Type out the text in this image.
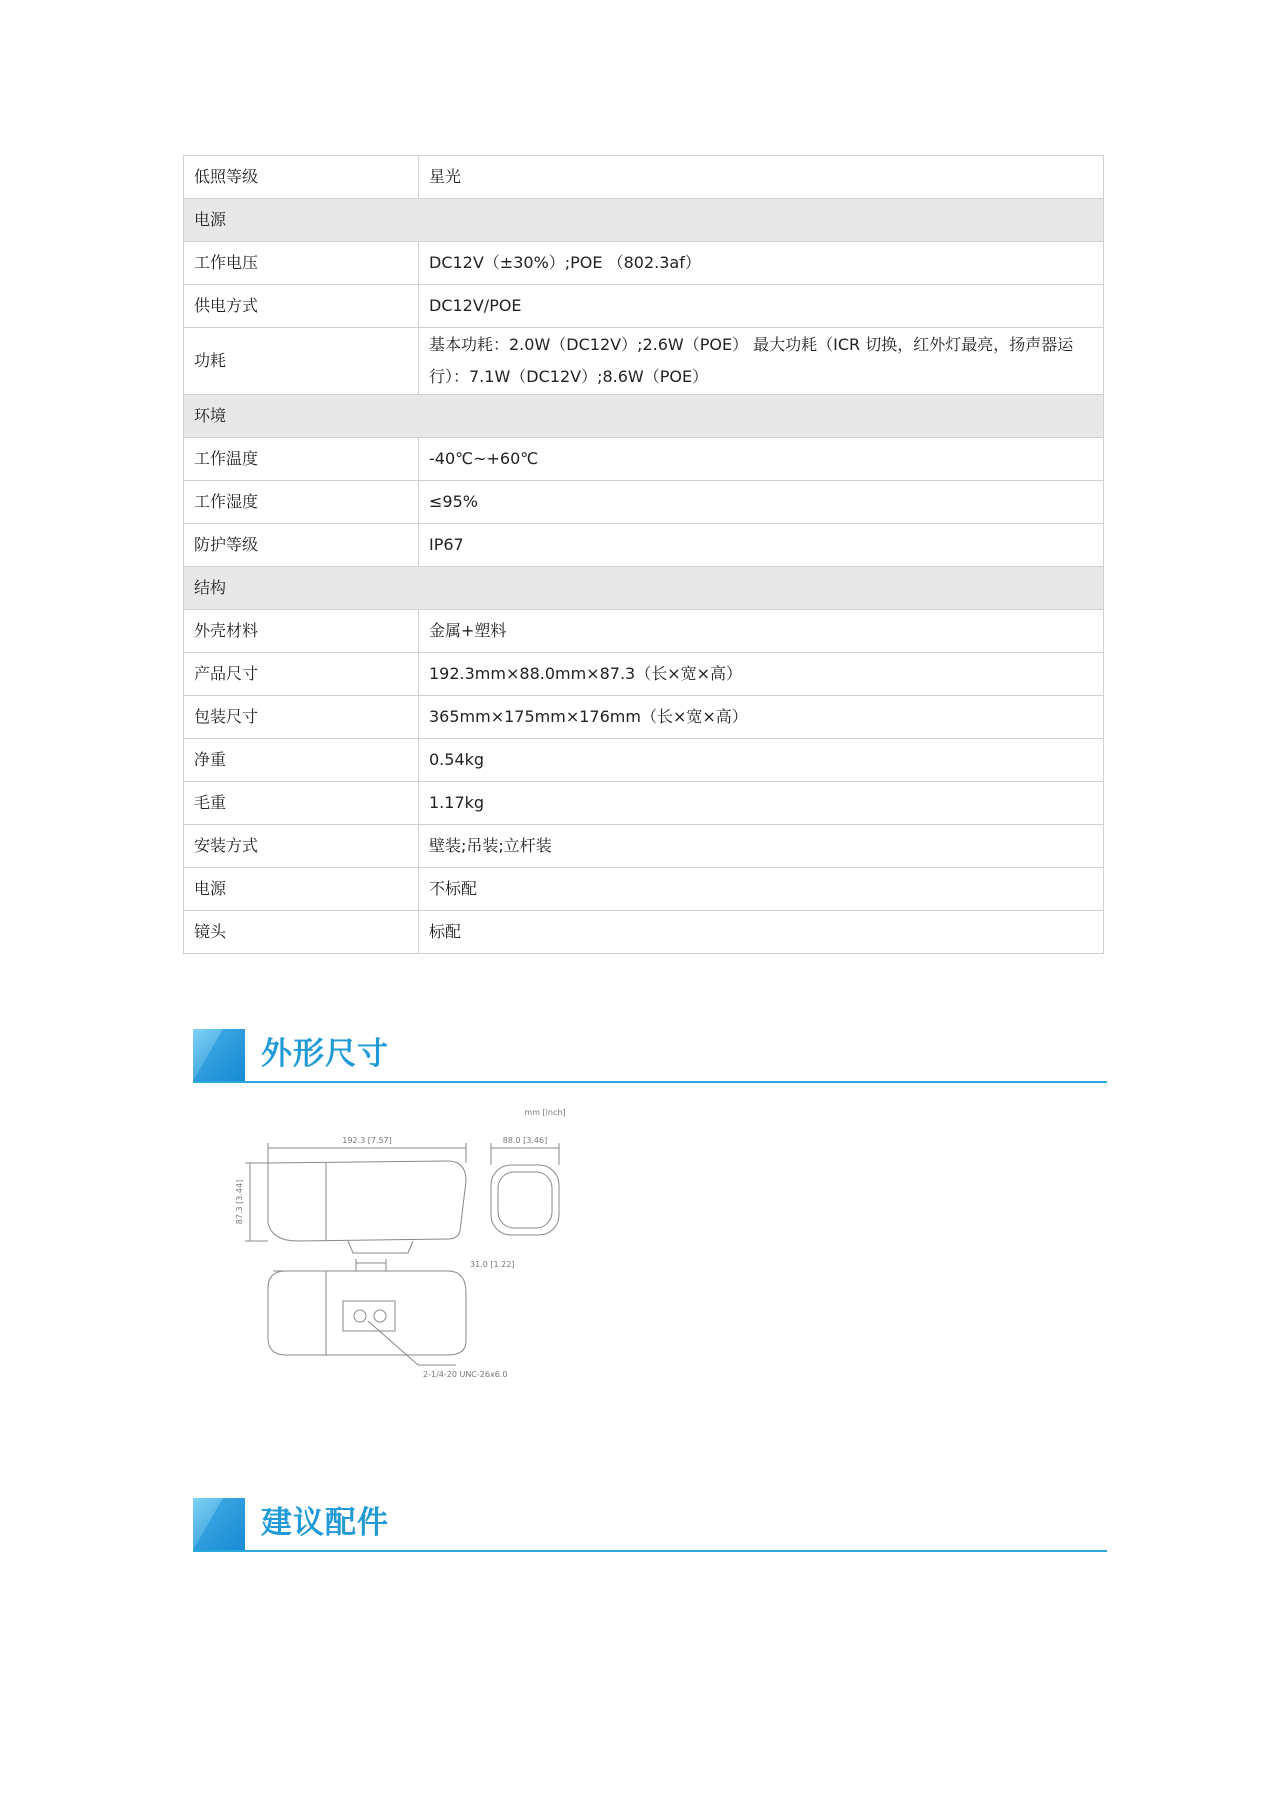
低照等级	星光
电源	
工作电压	DC12V（±30%）;POE （802.3af）
供电方式	DC12V/POE
功耗	基本功耗：2.0W（DC12V）;2.6W（POE） 最大功耗（ICR 切换，红外灯最亮，扬声器运行）：7.1W（DC12V）;8.6W（POE）
环境	
工作温度	-40℃~+60℃
工作湿度	≤95%
防护等级	IP67
结构	
外壳材料	金属+塑料
产品尺寸	192.3mm×88.0mm×87.3（长×宽×高）
包装尺寸	365mm×175mm×176mm（长×宽×高）
净重	0.54kg
毛重	1.17kg
安装方式	壁装;吊装;立杆装
电源	不标配
镜头	标配
外形尺寸
mm [inch]
192.3 [7.57]	88.0 [3.46]
87.3 [3.44]
31.0 [1.22]
2-1/4-20 UNC-26x6.0
建议配件
